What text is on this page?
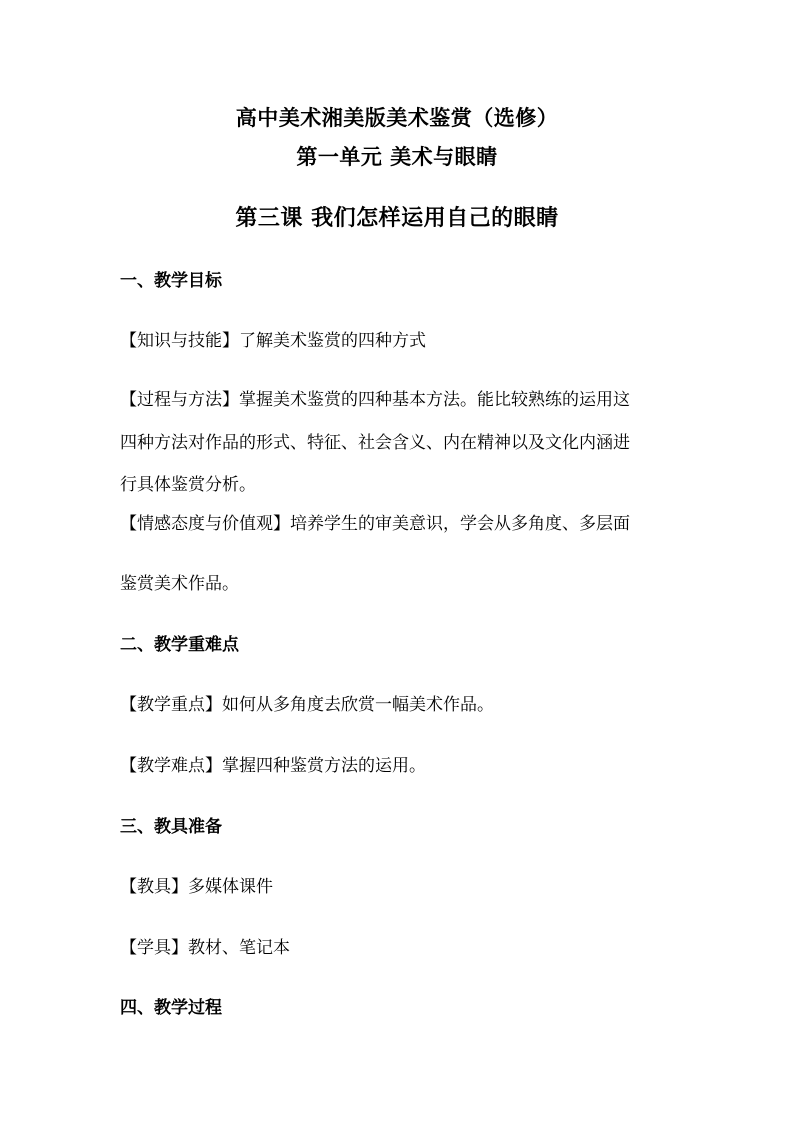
高中美术湘美版美术鉴赏（选修）
第一单元 美术与眼睛
第三课 我们怎样运用自己的眼睛
一、教学目标
【知识与技能】了解美术鉴赏的四种方式
【过程与方法】掌握美术鉴赏的四种基本方法。能比较熟练的运用这
四种方法对作品的形式、特征、社会含义、内在精神以及文化内涵进
行具体鉴赏分析。
【情感态度与价值观】培养学生的审美意识，学会从多角度、多层面
鉴赏美术作品。
二、教学重难点
【教学重点】如何从多角度去欣赏一幅美术作品。
【教学难点】掌握四种鉴赏方法的运用。
三、教具准备
【教具】多媒体课件
【学具】教材、笔记本
四、教学过程
